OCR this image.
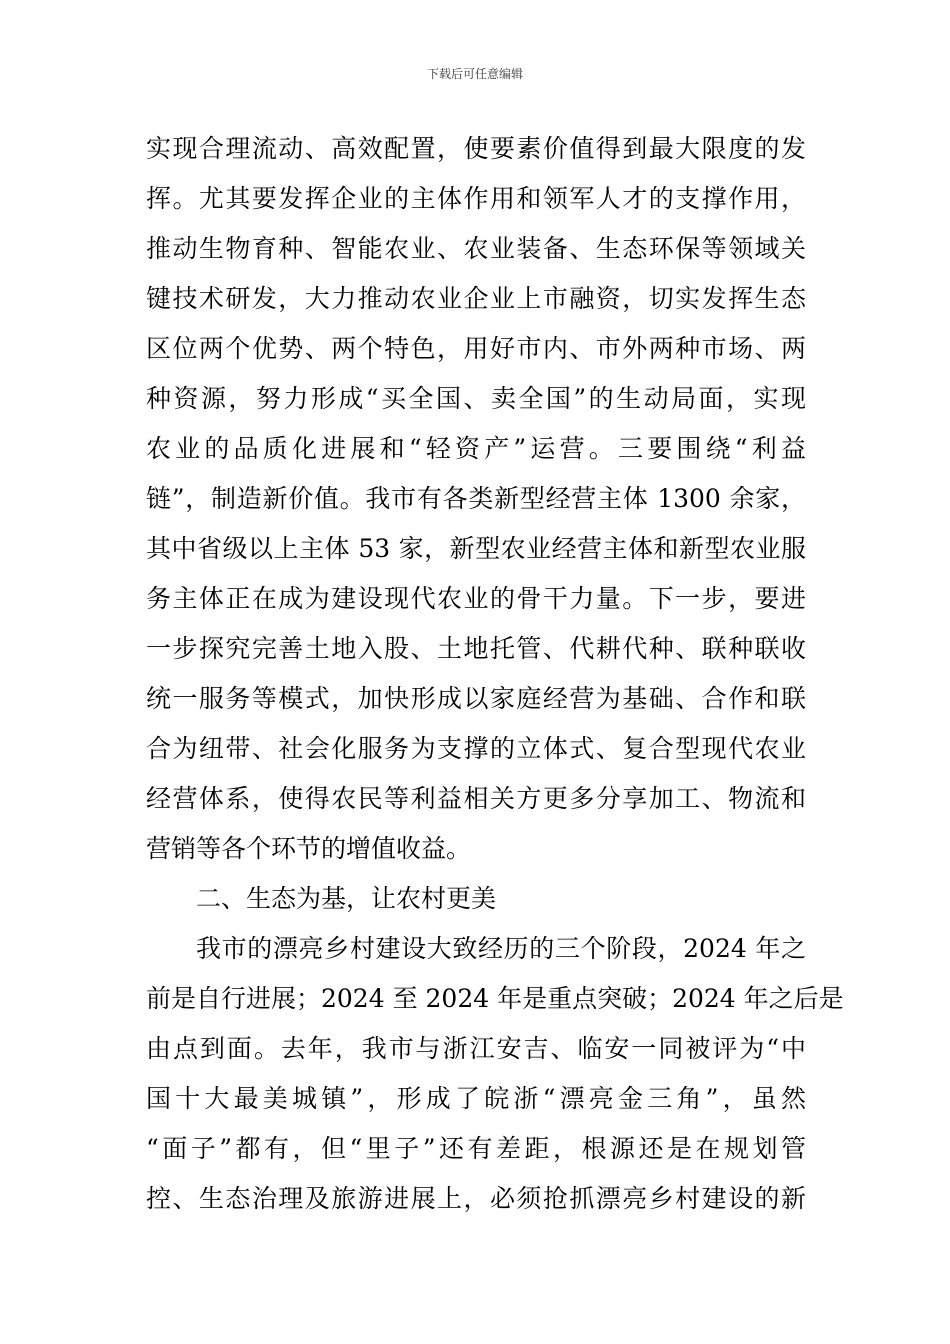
下载后可任意编辑
实现合理流动、高效配置，使要素价值得到最大限度的发
挥。尤其要发挥企业的主体作用和领军人才的支撑作用，
推动生物育种、智能农业、农业装备、生态环保等领域关
键技术研发，大力推动农业企业上市融资，切实发挥生态
区位两个优势、两个特色，用好市内、市外两种市场、两
种资源，努力形成“买全国、卖全国”的生动局面，实现
农业的品质化进展和“轻资产”运营。三要围绕“利益
链”，制造新价值。我市有各类新型经营主体 1300 余家，
其中省级以上主体 53 家，新型农业经营主体和新型农业服
务主体正在成为建设现代农业的骨干力量。下一步，要进
一步探究完善土地入股、土地托管、代耕代种、联种联收
统一服务等模式，加快形成以家庭经营为基础、合作和联
合为纽带、社会化服务为支撑的立体式、复合型现代农业
经营体系，使得农民等利益相关方更多分享加工、物流和
营销等各个环节的增值收益。
二、生态为基，让农村更美
我市的漂亮乡村建设大致经历的三个阶段，2024 年之
前是自行进展；2024 至 2024 年是重点突破；2024 年之后是
由点到面。去年，我市与浙江安吉、临安一同被评为“中
国十大最美城镇”，形成了皖浙“漂亮金三角”，虽然
“面子”都有，但“里子”还有差距，根源还是在规划管
控、生态治理及旅游进展上，必须抢抓漂亮乡村建设的新
